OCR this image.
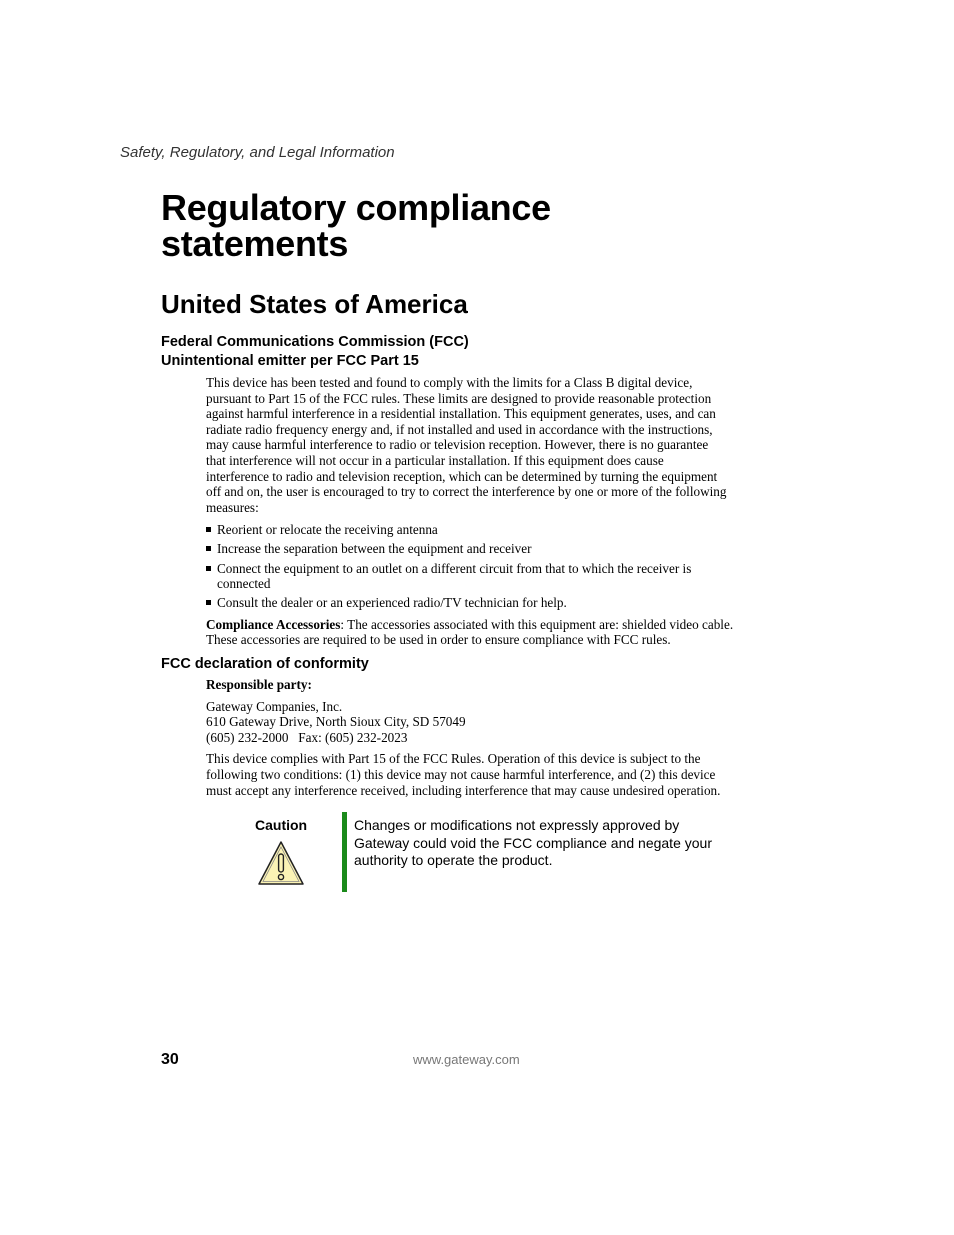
Safety, Regulatory, and Legal Information

Regulatory compliance statements
United States of America
Federal Communications Commission (FCC)
Unintentional emitter per FCC Part 15

This device has been tested and found to comply with the limits for a Class B digital device,
pursuant to Part 15 of the FCC rules. These limits are designed to provide reasonable protection
against harmful interference in a residential installation. This equipment generates, uses, and can
radiate radio frequency energy and, if not installed and used in accordance with the instructions,
may cause harmful interference to radio or television reception. However, there is no guarantee
that interference will not occur in a particular installation. If this equipment does cause
interference to radio and television reception, which can be determined by turning the equipment
off and on, the user is encouraged to try to correct the interference by one or more of the following
measures:

Reorient or relocate the receiving antenna
Increase the separation between the equipment and receiver
Connect the equipment to an outlet on a different circuit from that to which the receiver is connected
Consult the dealer or an experienced radio/TV technician for help.

Compliance Accessories: The accessories associated with this equipment are: shielded video cable.
These accessories are required to be used in order to ensure compliance with FCC rules.

FCC declaration of conformity

Responsible party:

Gateway Companies, Inc.
610 Gateway Drive, North Sioux City, SD 57049
(605) 232-2000   Fax: (605) 232-2023

This device complies with Part 15 of the FCC Rules. Operation of this device is subject to the
following two conditions: (1) this device may not cause harmful interference, and (2) this device
must accept any interference received, including interference that may cause undesired operation.

Caution	Changes or modifications not expressly approved by
Gateway could void the FCC compliance and negate your
authority to operate the product.
30	www.gateway.com
